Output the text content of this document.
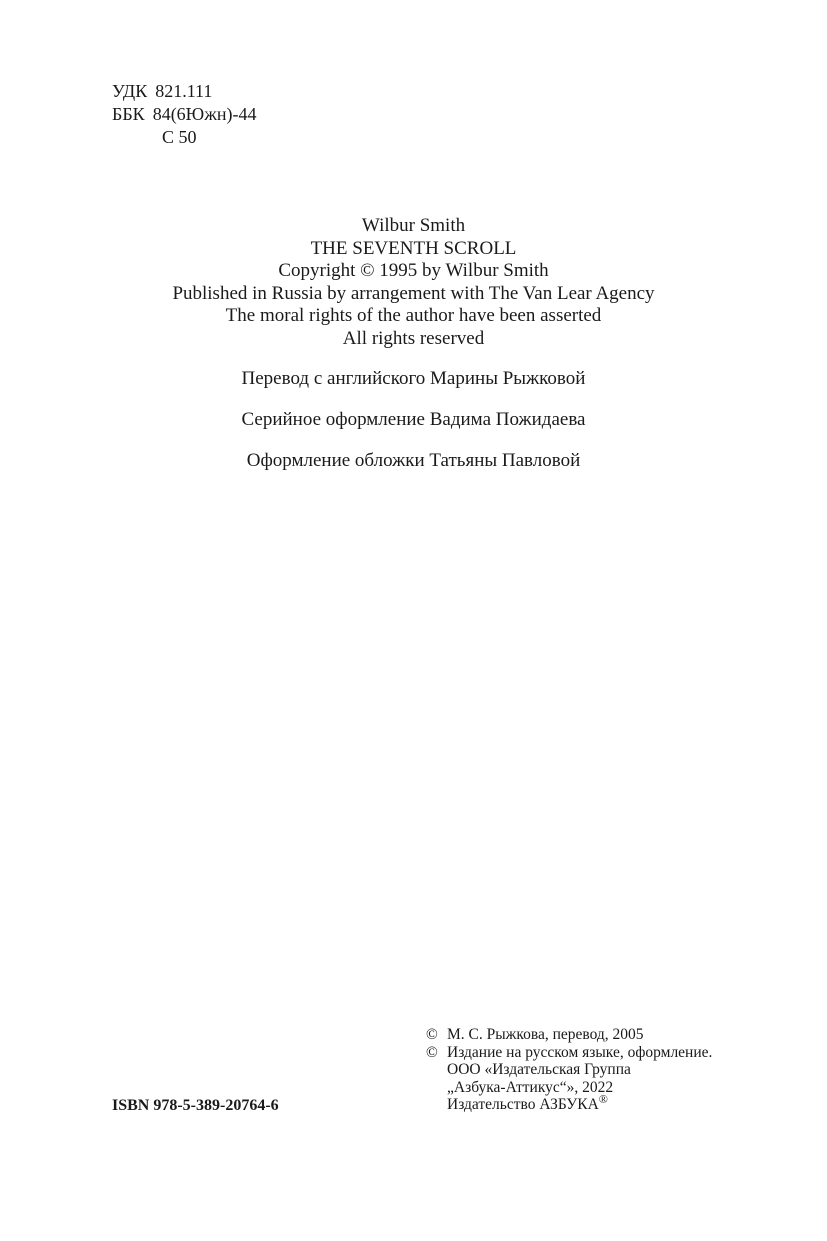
УДК 821.111
ББК 84(6Южн)-44
С 50
Wilbur Smith
THE SEVENTH SCROLL
Copyright © 1995 by Wilbur Smith
Published in Russia by arrangement with The Van Lear Agency
The moral rights of the author have been asserted
All rights reserved

Перевод с английского Марины Рыжковой

Серийное оформление Вадима Пожидаева

Оформление обложки Татьяны Павловой

ISBN 978-5-389-20764-6
© М. С. Рыжкова, перевод, 2005
© Издание на русском языке, оформление.
ООО «Издательская Группа
„Азбука-Аттикус“», 2022
Издательство АЗБУКА®
